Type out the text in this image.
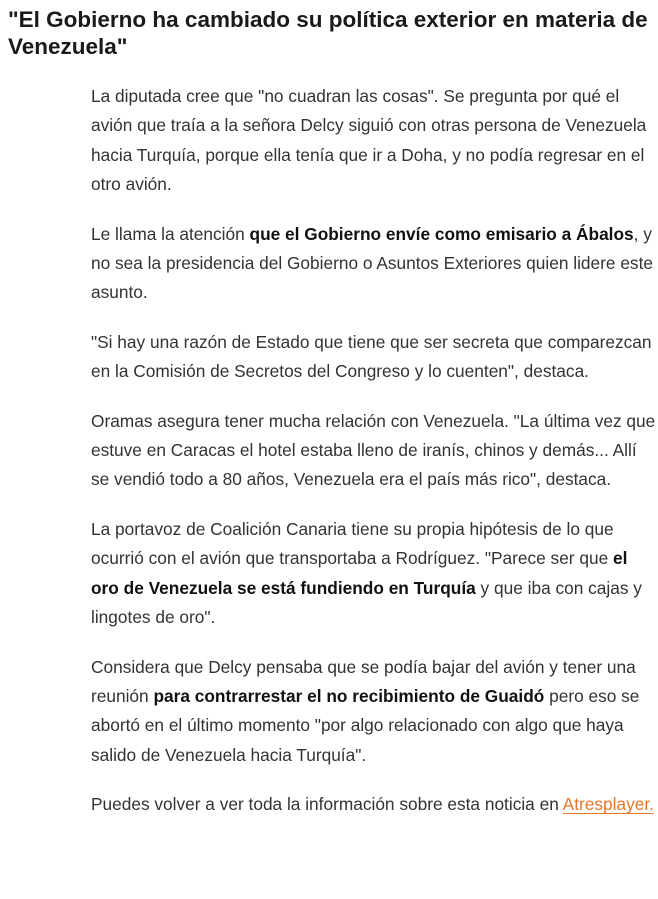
"El Gobierno ha cambiado su política exterior en materia de Venezuela"

La diputada cree que "no cuadran las cosas". Se pregunta por qué el avión que traía a la señora Delcy siguió con otras persona de Venezuela hacia Turquía, porque ella tenía que ir a Doha, y no podía regresar en el otro avión.

Le llama la atención que el Gobierno envíe como emisario a Ábalos, y no sea la presidencia del Gobierno o Asuntos Exteriores quien lidere este asunto.

"Si hay una razón de Estado que tiene que ser secreta que comparezcan en la Comisión de Secretos del Congreso y lo cuenten", destaca.

Oramas asegura tener mucha relación con Venezuela. "La última vez que estuve en Caracas el hotel estaba lleno de iranís, chinos y demás... Allí se vendió todo a 80 años, Venezuela era el país más rico", destaca.

La portavoz de Coalición Canaria tiene su propia hipótesis de lo que ocurrió con el avión que transportaba a Rodríguez. "Parece ser que el oro de Venezuela se está fundiendo en Turquía y que iba con cajas y lingotes de oro".

Considera que Delcy pensaba que se podía bajar del avión y tener una reunión para contrarrestar el no recibimiento de Guaidó pero eso se abortó en el último momento "por algo relacionado con algo que haya salido de Venezuela hacia Turquía".

Puedes volver a ver toda la información sobre esta noticia en Atresplayer.
